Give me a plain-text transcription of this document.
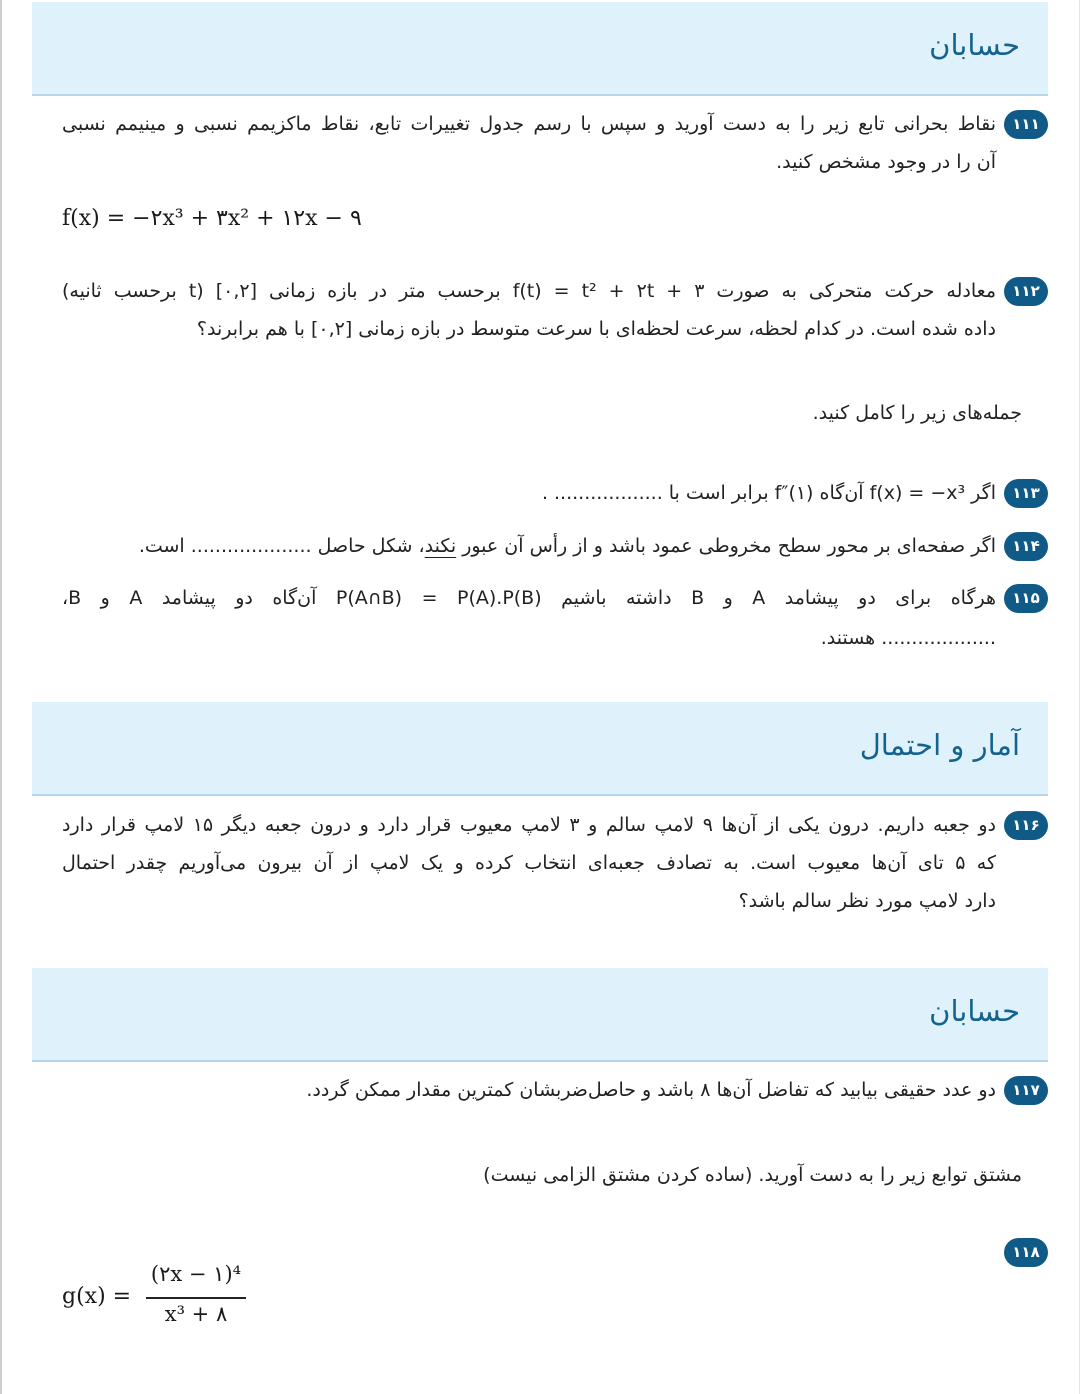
حسابان
۱۱۱
نقاط بحرانی تابع زیر را به دست آورید و سپس با رسم جدول تغییرات تابع، نقاط ماکزیمم نسبی و مینیمم نسبی
آن را در وجود مشخص کنید.
f(x) = −۲x³ + ۳x² + ۱۲x − ۹
۱۱۲
معادله حرکت متحرکی به صورت f(t) = t² + ۲t + ۳ برحسب متر در بازه زمانی [۰,۲] (t برحسب ثانیه)
داده شده است. در کدام لحظه، سرعت لحظه‌ای با سرعت متوسط در بازه زمانی [۰,۲] با هم برابرند؟
جمله‌های زیر را کامل کنید.
۱۱۳
اگر f(x) = −x³ آن‌گاه f″(۱) برابر است با .................. .
۱۱۴
اگر صفحه‌ای بر محور سطح مخروطی عمود باشد و از رأس آن عبور نکند، شکل حاصل .................... است.
۱۱۵
هرگاه برای دو پیشامد A و B داشته باشیم P(A∩B) = P(A).P(B) آن‌گاه دو پیشامد A و B،
................... هستند.
آمار و احتمال
۱۱۶
دو جعبه داریم. درون یکی از آن‌ها ۹ لامپ سالم و ۳ لامپ معیوب قرار دارد و درون جعبه دیگر ۱۵ لامپ قرار دارد
که ۵ تای آن‌ها معیوب است. به تصادف جعبه‌ای انتخاب کرده و یک لامپ از آن بیرون می‌آوریم چقدر احتمال
دارد لامپ مورد نظر سالم باشد؟
حسابان
۱۱۷
دو عدد حقیقی بیابید که تفاضل آن‌ها ۸ باشد و حاصل‌ضربشان کمترین مقدار ممکن گردد.
مشتق توابع زیر را به دست آورید. (ساده کردن مشتق الزامی نیست)
۱۱۸
g(x) =
(۲x − ۱)⁴
x³ + ۸
